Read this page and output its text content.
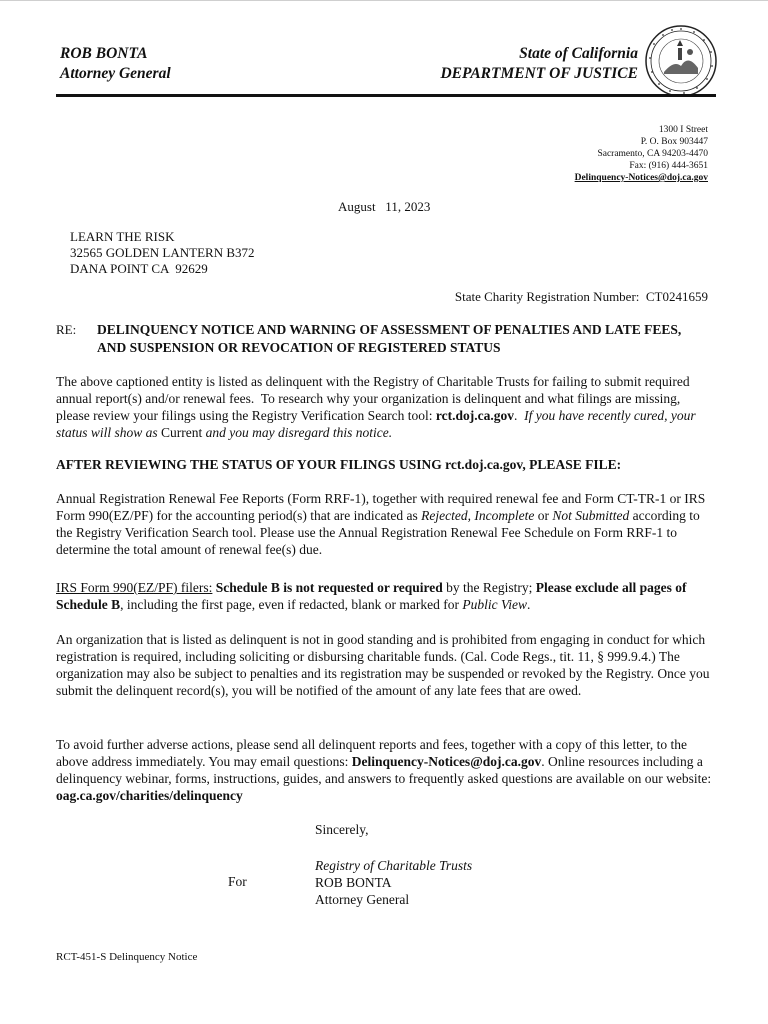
ROB BONTA
Attorney General
State of California
DEPARTMENT OF JUSTICE
1300 I Street
P. O. Box 903447
Sacramento, CA 94203-4470
Fax: (916) 444-3651
Delinquency-Notices@doj.ca.gov
August   11, 2023
LEARN THE RISK
32565 GOLDEN LANTERN B372
DANA POINT CA  92629
State Charity Registration Number:  CT0241659
RE: DELINQUENCY NOTICE AND WARNING OF ASSESSMENT OF PENALTIES AND LATE FEES, AND SUSPENSION OR REVOCATION OF REGISTERED STATUS
The above captioned entity is listed as delinquent with the Registry of Charitable Trusts for failing to submit required annual report(s) and/or renewal fees.  To research why your organization is delinquent and what filings are missing, please review your filings using the Registry Verification Search tool: rct.doj.ca.gov.  If you have recently cured, your status will show as Current and you may disregard this notice.
AFTER REVIEWING THE STATUS OF YOUR FILINGS USING rct.doj.ca.gov, PLEASE FILE:
Annual Registration Renewal Fee Reports (Form RRF-1), together with required renewal fee and Form CT-TR-1 or IRS Form 990(EZ/PF) for the accounting period(s) that are indicated as Rejected, Incomplete or Not Submitted according to the Registry Verification Search tool. Please use the Annual Registration Renewal Fee Schedule on Form RRF-1 to determine the total amount of renewal fee(s) due.
IRS Form 990(EZ/PF) filers: Schedule B is not requested or required by the Registry; Please exclude all pages of Schedule B, including the first page, even if redacted, blank or marked for Public View.
An organization that is listed as delinquent is not in good standing and is prohibited from engaging in conduct for which registration is required, including soliciting or disbursing charitable funds. (Cal. Code Regs., tit. 11, § 999.9.4.) The organization may also be subject to penalties and its registration may be suspended or revoked by the Registry. Once you submit the delinquent record(s), you will be notified of the amount of any late fees that are owed.
To avoid further adverse actions, please send all delinquent reports and fees, together with a copy of this letter, to the above address immediately. You may email questions: Delinquency-Notices@doj.ca.gov. Online resources including a delinquency webinar, forms, instructions, guides, and answers to frequently asked questions are available on our website: oag.ca.gov/charities/delinquency
Sincerely,
For
Registry of Charitable Trusts
ROB BONTA
Attorney General
RCT-451-S Delinquency Notice
